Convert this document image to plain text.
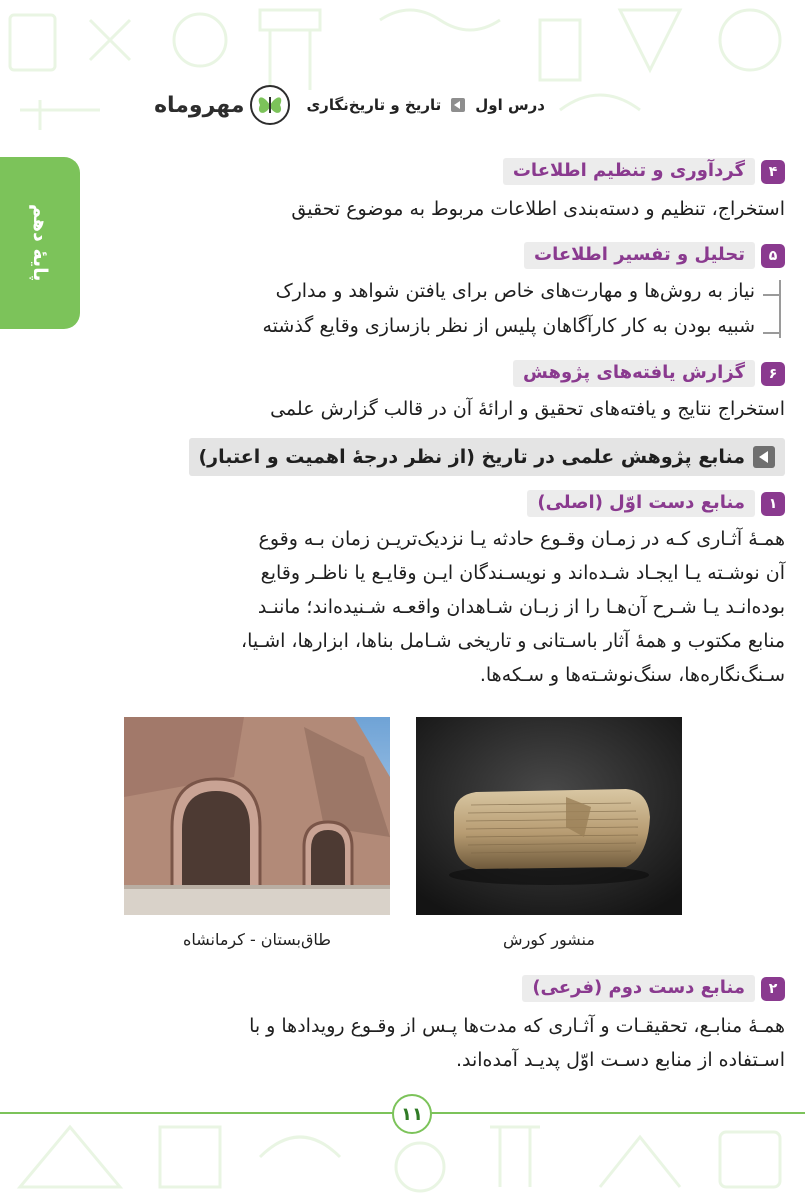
درس اول
تاریخ و تاریخ‌نگاری
مهروماه
پایۀ دهم
۴
گردآوری و تنظیم اطلاعات
استخراج، تنظیم و دسته‌بندی اطلاعات مربوط به موضوع تحقیق
۵
تحلیل و تفسیر اطلاعات
نیاز به روش‌ها و مهارت‌های خاص برای یافتن شواهد و مدارک
شبیه بودن به کار کارآگاهان پلیس از نظر بازسازی وقایع گذشته
۶
گزارش یافته‌های پژوهش
استخراج نتایج و یافته‌های تحقیق و ارائۀ آن در قالب گزارش علمی
منابع پژوهش علمی در تاریخ (از نظر درجۀ اهمیت و اعتبار)
۱
منابع دست اوّل (اصلی)
همـۀ آثـاری کـه در زمـان وقـوع حادثه یـا نزدیک‌تریـن زمان بـه وقوع
آن نوشـته یـا ایجـاد شـده‌اند و نویسـندگان ایـن وقایـع یا ناظـر وقایع
بوده‌انـد یـا شـرح آن‌هـا را از زبـان شـاهدان واقعـه شـنیده‌اند؛ ماننـد
منابع مکتوب و همۀ آثار باسـتانی و تاریخی شـامل بناها، ابزارها، اشـیا،
سـنگ‌نگاره‌ها، سنگ‌نوشـته‌ها و سـکه‌ها.
منشور کورش
طاق‌بستان - کرمانشاه
۲
منابع دست دوم (فرعی)
همـۀ منابـع، تحقیقـات و آثـاری که مدت‌ها پـس از وقـوع رویدادها و با
اسـتفاده از منابع دسـت اوّل پدیـد آمده‌اند.
۱۱
